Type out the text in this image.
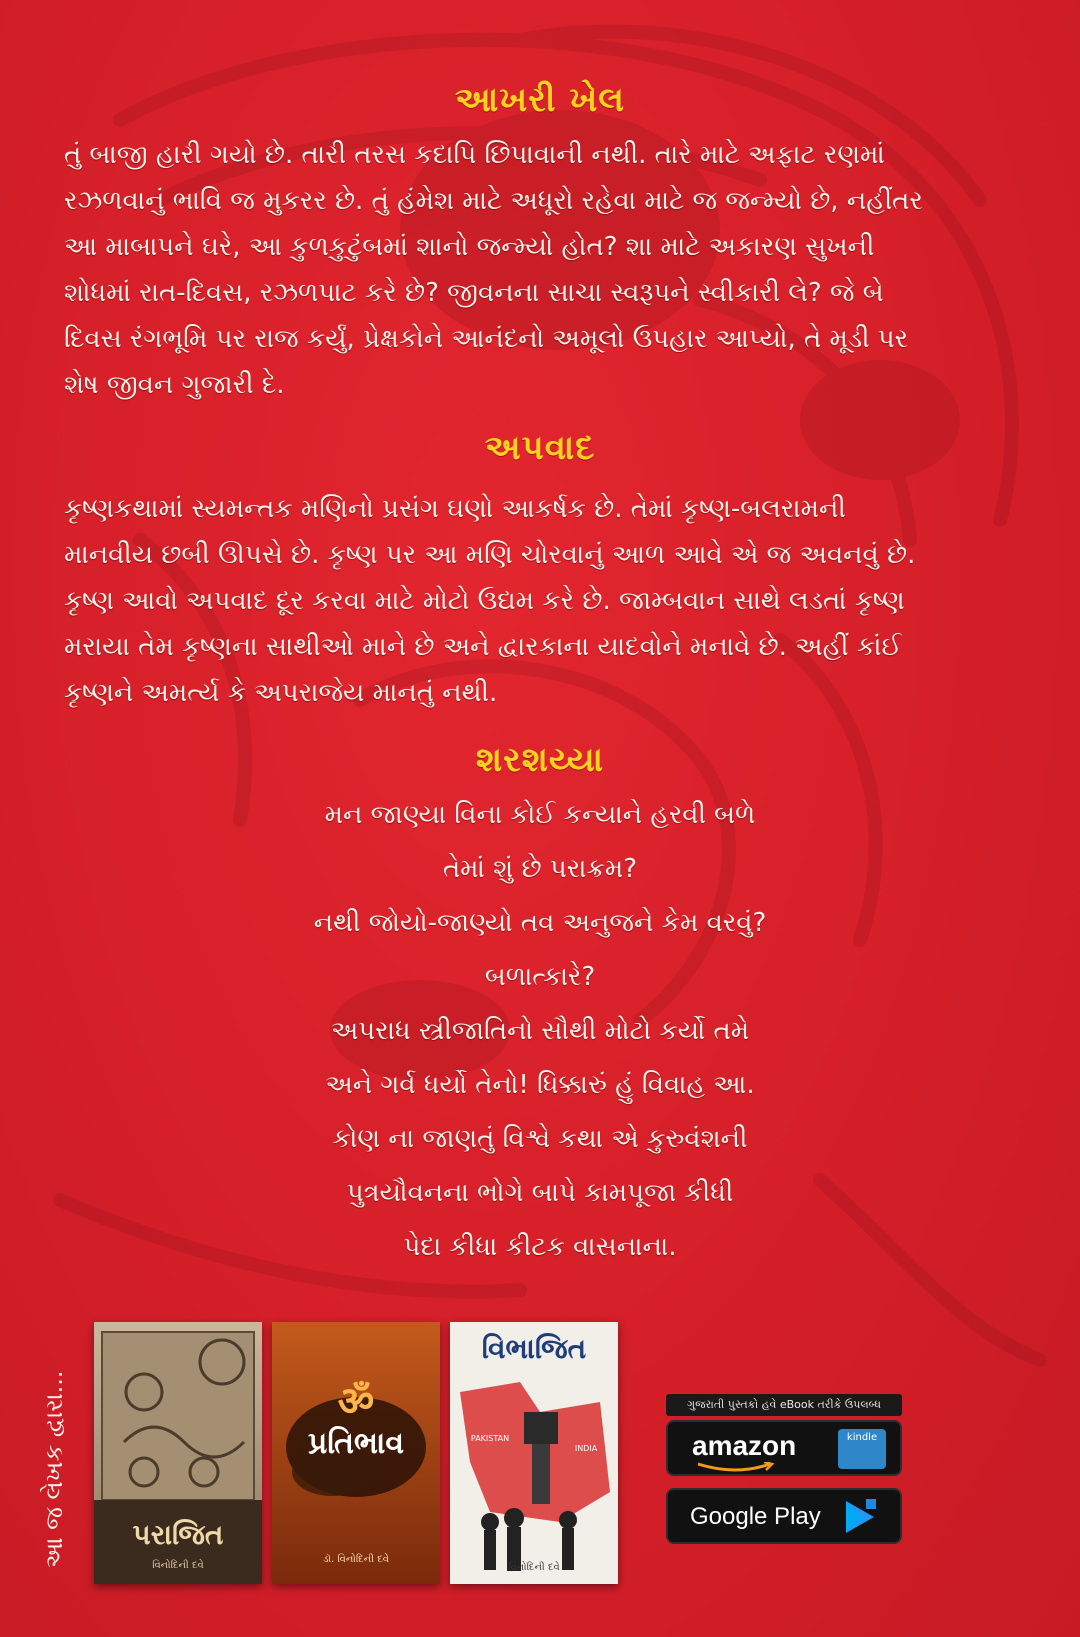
આખરી ખેલ
તું બાજી હારી ગયો છે. તારી તરસ કદાપિ છિપાવાની નથી. તારે માટે અફાટ રણમાં
રઝળવાનું ભાવિ જ મુકરર છે. તું હંમેશ માટે અધૂરો રહેવા માટે જ જન્મ્યો છે, નહીંતર
આ માબાપને ઘરે, આ કુળકુટુંબમાં શાનો જન્મ્યો હોત? શા માટે અકારણ સુખની
શોધમાં રાત-દિવસ, રઝળપાટ કરે છે? જીવનના સાચા સ્વરૂપને સ્વીકારી લે? જે બે
દિવસ રંગભૂમિ પર રાજ કર્યું, પ્રેક્ષકોને આનંદનો અમૂલો ઉપહાર આપ્યો, તે મૂડી પર
શેષ જીવન ગુજારી દે.
અપવાદ
કૃષ્ણકથામાં સ્યમન્તક મણિનો પ્રસંગ ઘણો આકર્ષક છે. તેમાં કૃષ્ણ-બલરામની
માનવીય છબી ઊપસે છે. કૃષ્ણ પર આ મણિ ચોરવાનું આળ આવે એ જ અવનવું છે.
કૃષ્ણ આવો અપવાદ દૂર કરવા માટે મોટો ઉદ્યમ કરે છે. જામ્બવાન સાથે લડતાં કૃષ્ણ
મરાયા તેમ કૃષ્ણના સાથીઓ માને છે અને દ્વારકાના યાદવોને મનાવે છે. અહીં કાંઈ
કૃષ્ણને અમર્ત્ય કે અપરાજેય માનતું નથી.
શરશય્યા
મન જાણ્યા વિના કોઈ કન્યાને હરવી બળે
તેમાં શું છે પરાક્રમ?
નથી જોયો-જાણ્યો તવ અનુજને કેમ વરવું?
બળાત્કારે?
અપરાધ સ્ત્રીજાતિનો સૌથી મોટો કર્યો તમે
અને ગર્વ ધર્યો તેનો! ધિક્કારું હું વિવાહ આ.
કોણ ના જાણતું વિશ્વે કથા એ કુરુવંશની
પુત્રયૌવનના ભોગે બાપે કામપૂજા કીધી
પેદા કીધા કીટક વાસનાના.
આ જ લેખક દ્વારા...	પરાજિત
વિનોદિની દવે
ॐ
પ્રતિભાવ
ડૉ. વિનોદિની દવે
વિભાજિત
PAKISTAN
INDIA
વિનોદિની દવે
ગુજરાતી પુસ્તકો હવે eBook તરીકે ઉપલબ્ધ
amazon	kindle
Google Play
